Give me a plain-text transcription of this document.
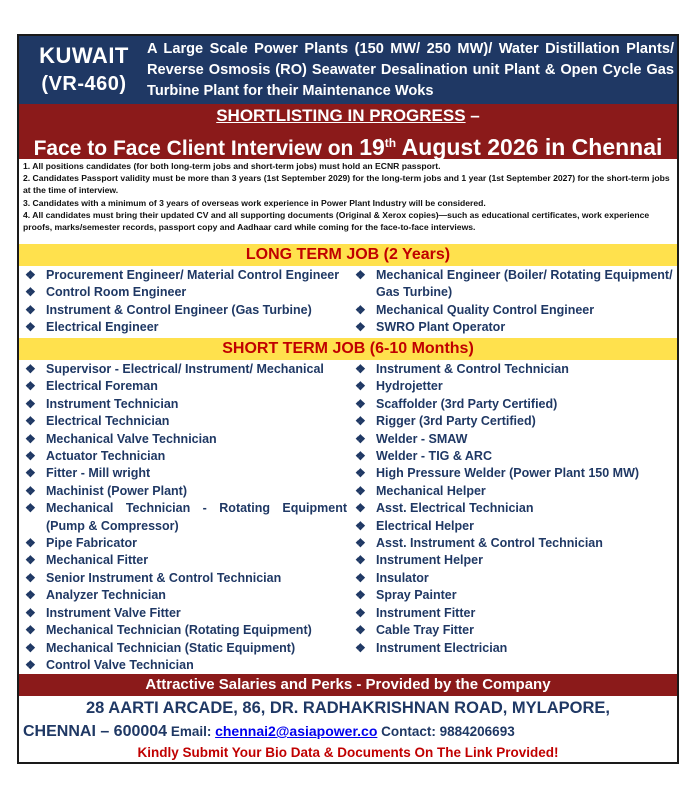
KUWAIT
(VR-460)
A Large Scale Power Plants (150 MW/ 250 MW)/ Water Distillation Plants/ Reverse Osmosis (RO) Seawater Desalination unit Plant & Open Cycle Gas Turbine Plant for their Maintenance Woks
SHORTLISTING IN PROGRESS –
Face to Face Client Interview on 19th August 2026 in Chennai

1. All positions candidates (for both long-term jobs and short-term jobs) must hold an ECNR passport.

2. Candidates Passport validity must be more than 3 years (1st September 2029) for the long-term jobs and 1 year (1st September 2027) for the short-term jobs at the time of interview.

3. Candidates with a minimum of 3 years of overseas work experience in Power Plant Industry will be considered.

4. All candidates must bring their updated CV and all supporting documents (Original & Xerox copies)—such as educational certificates, work experience proofs, marks/semester records, passport copy and Aadhaar card while coming for the face-to-face interviews.

LONG TERM JOB (2 Years)
❖ Procurement Engineer/ Material Control Engineer
❖ Control Room Engineer
❖ Instrument & Control Engineer (Gas Turbine)
❖ Electrical Engineer
❖ Mechanical Engineer (Boiler/ Rotating Equipment/
Gas Turbine)
❖ Mechanical Quality Control Engineer
❖ SWRO Plant Operator
SHORT TERM JOB (6-10 Months)
❖ Supervisor - Electrical/ Instrument/ Mechanical
❖ Electrical Foreman
❖ Instrument Technician
❖ Electrical Technician
❖ Mechanical Valve Technician
❖ Actuator Technician
❖ Fitter - Mill wright
❖ Machinist (Power Plant)
❖ Mechanical Technician - Rotating Equipment
(Pump & Compressor)
❖ Pipe Fabricator
❖ Mechanical Fitter
❖ Senior Instrument & Control Technician
❖ Analyzer Technician
❖ Instrument Valve Fitter
❖ Mechanical Technician (Rotating Equipment)
❖ Mechanical Technician (Static Equipment)
❖ Control Valve Technician
❖ Instrument & Control Technician
❖ Hydrojetter
❖ Scaffolder (3rd Party Certified)
❖ Rigger (3rd Party Certified)
❖ Welder - SMAW
❖ Welder - TIG & ARC
❖ High Pressure Welder (Power Plant 150 MW)
❖ Mechanical Helper
❖ Asst. Electrical Technician
❖ Electrical Helper
❖ Asst. Instrument & Control Technician
❖ Instrument Helper
❖ Insulator
❖ Spray Painter
❖ Instrument Fitter
❖ Cable Tray Fitter
❖ Instrument Electrician
Attractive Salaries and Perks - Provided by the Company
28 AARTI ARCADE, 86, DR. RADHAKRISHNAN ROAD, MYLAPORE,
CHENNAI – 600004 Email: chennai2@asiapower.co Contact: 9884206693
Kindly Submit Your Bio Data & Documents On The Link Provided!
